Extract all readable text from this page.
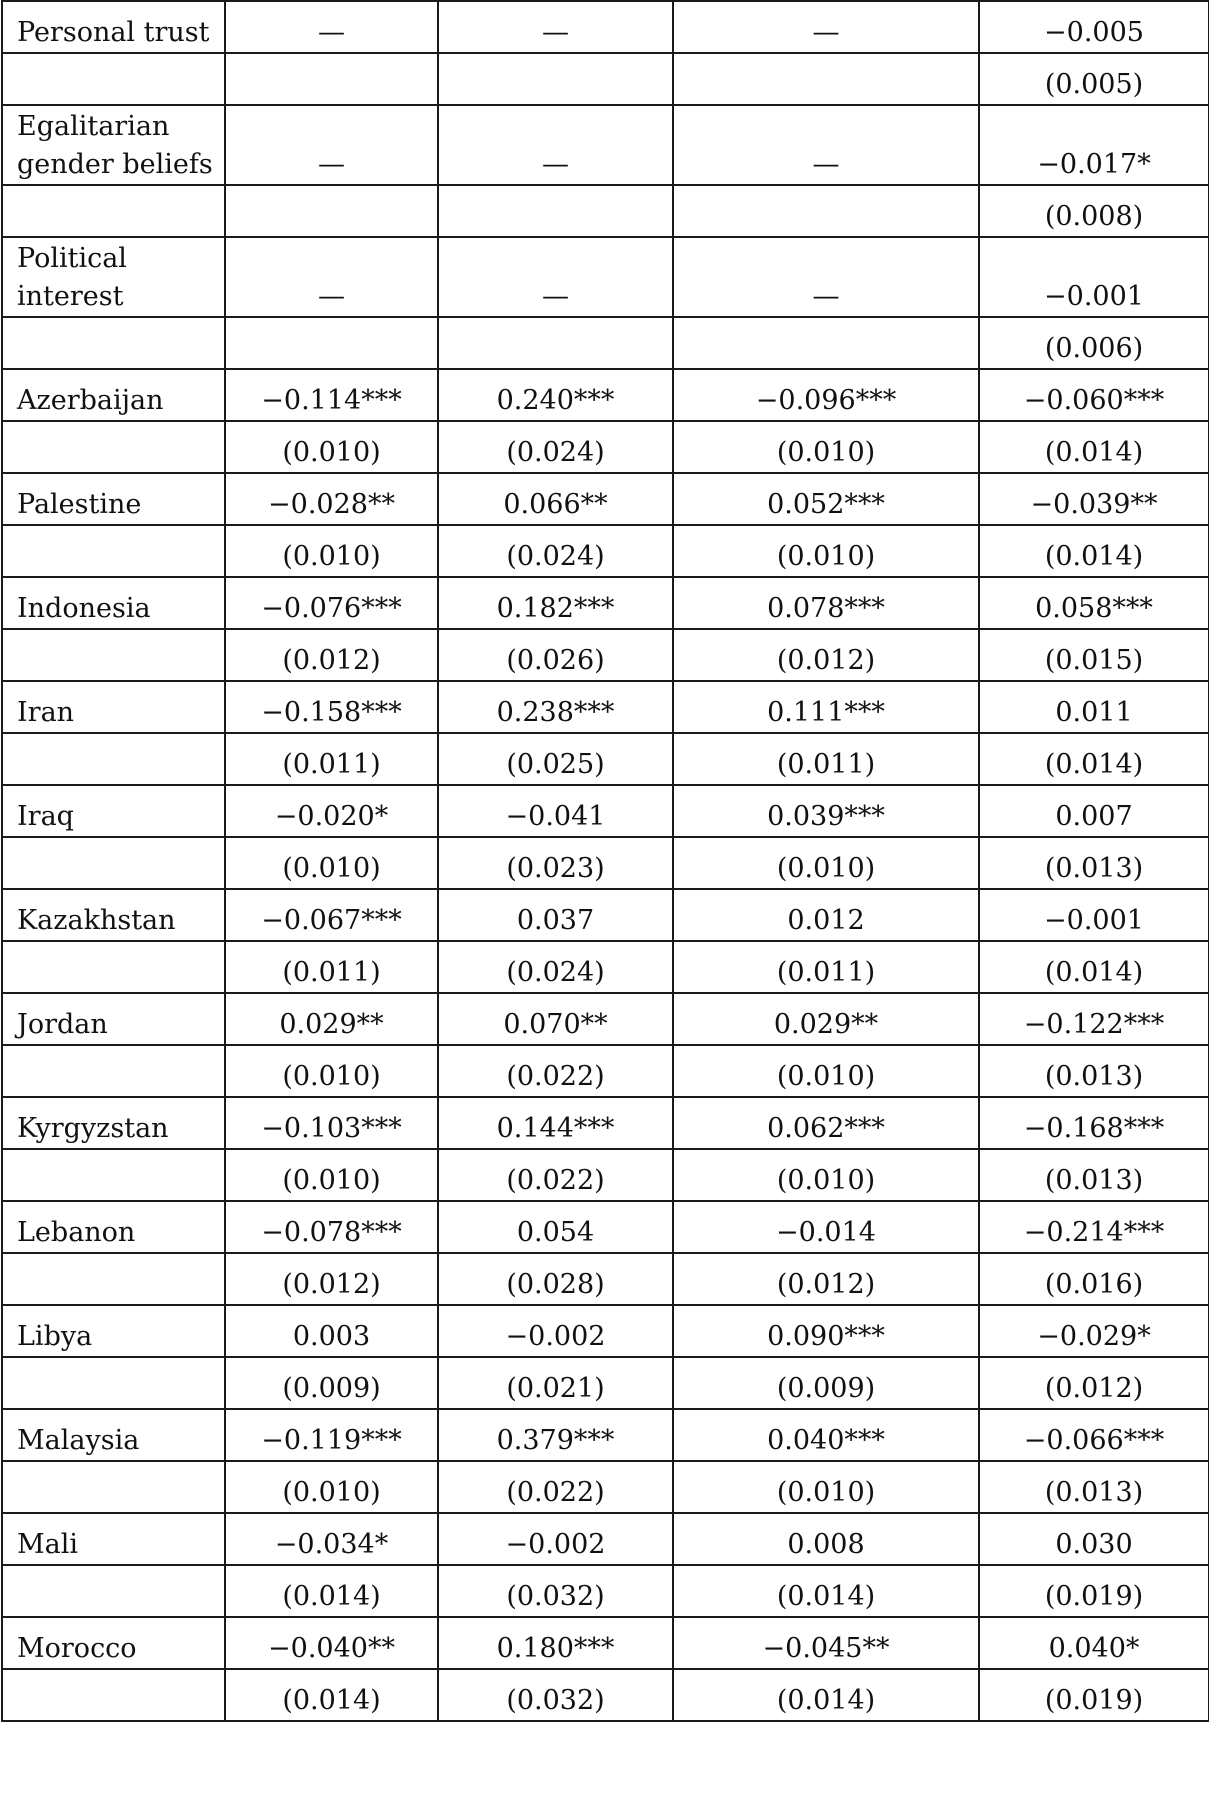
Personal trust	—	—	—	−0.005
				(0.005)
Egalitarian gender beliefs	—	—	—	−0.017*
				(0.008)
Political interest	—	—	—	−0.001
				(0.006)
Azerbaijan	−0.114***	0.240***	−0.096***	−0.060***
	(0.010)	(0.024)	(0.010)	(0.014)
Palestine	−0.028**	0.066**	0.052***	−0.039**
	(0.010)	(0.024)	(0.010)	(0.014)
Indonesia	−0.076***	0.182***	0.078***	0.058***
	(0.012)	(0.026)	(0.012)	(0.015)
Iran	−0.158***	0.238***	0.111***	0.011
	(0.011)	(0.025)	(0.011)	(0.014)
Iraq	−0.020*	−0.041	0.039***	0.007
	(0.010)	(0.023)	(0.010)	(0.013)
Kazakhstan	−0.067***	0.037	0.012	−0.001
	(0.011)	(0.024)	(0.011)	(0.014)
Jordan	0.029**	0.070**	0.029**	−0.122***
	(0.010)	(0.022)	(0.010)	(0.013)
Kyrgyzstan	−0.103***	0.144***	0.062***	−0.168***
	(0.010)	(0.022)	(0.010)	(0.013)
Lebanon	−0.078***	0.054	−0.014	−0.214***
	(0.012)	(0.028)	(0.012)	(0.016)
Libya	0.003	−0.002	0.090***	−0.029*
	(0.009)	(0.021)	(0.009)	(0.012)
Malaysia	−0.119***	0.379***	0.040***	−0.066***
	(0.010)	(0.022)	(0.010)	(0.013)
Mali	−0.034*	−0.002	0.008	0.030
	(0.014)	(0.032)	(0.014)	(0.019)
Morocco	−0.040**	0.180***	−0.045**	0.040*
	(0.014)	(0.032)	(0.014)	(0.019)
